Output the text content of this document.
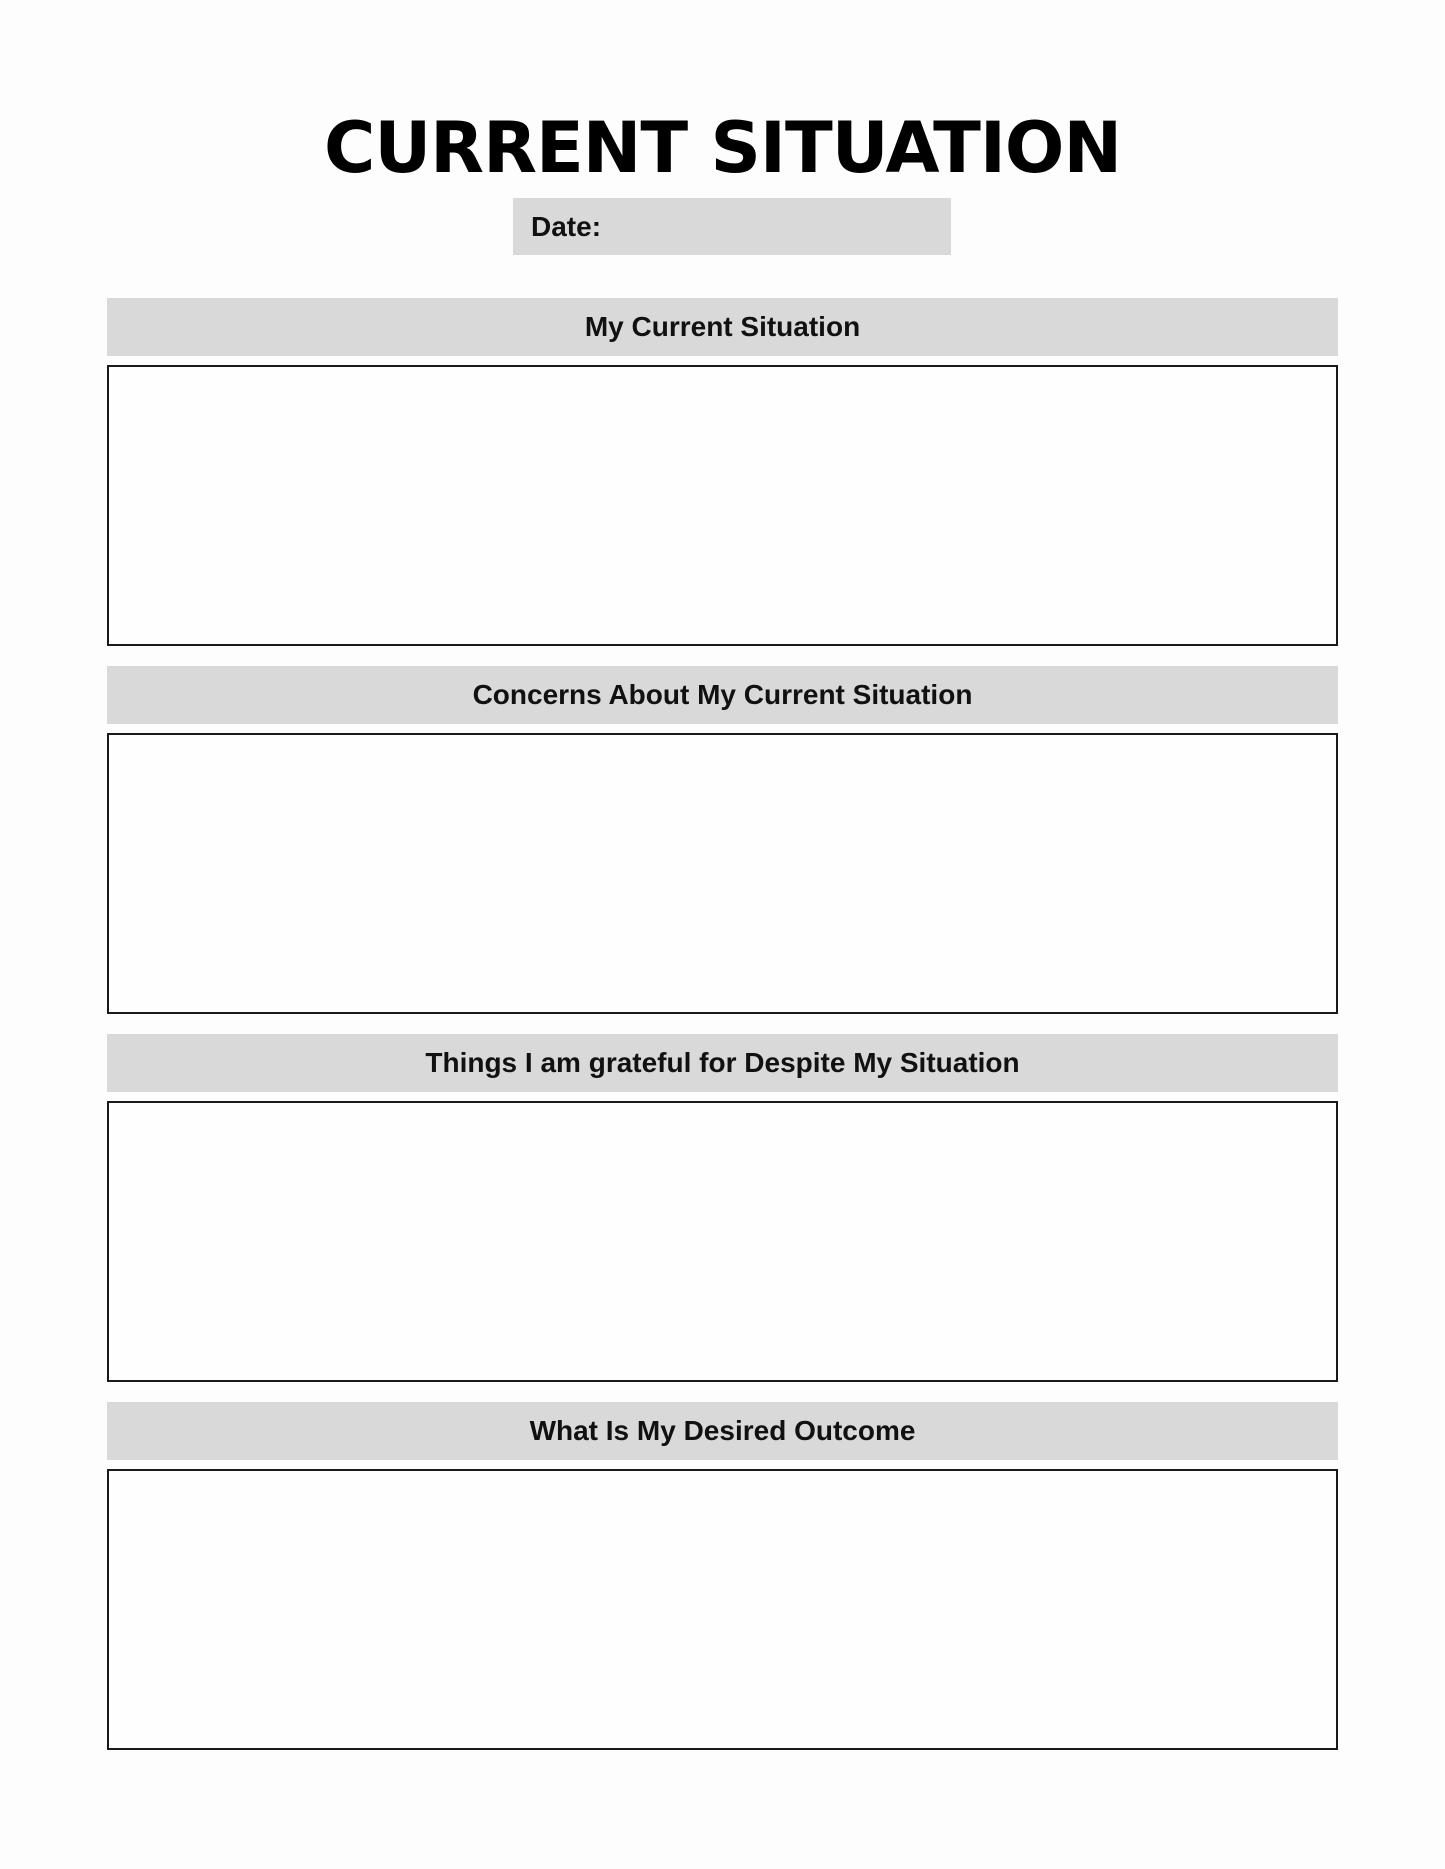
CURRENT SITUATION
Date:
My Current Situation
Concerns About My Current Situation
Things I am grateful for Despite My Situation
What Is My Desired Outcome
